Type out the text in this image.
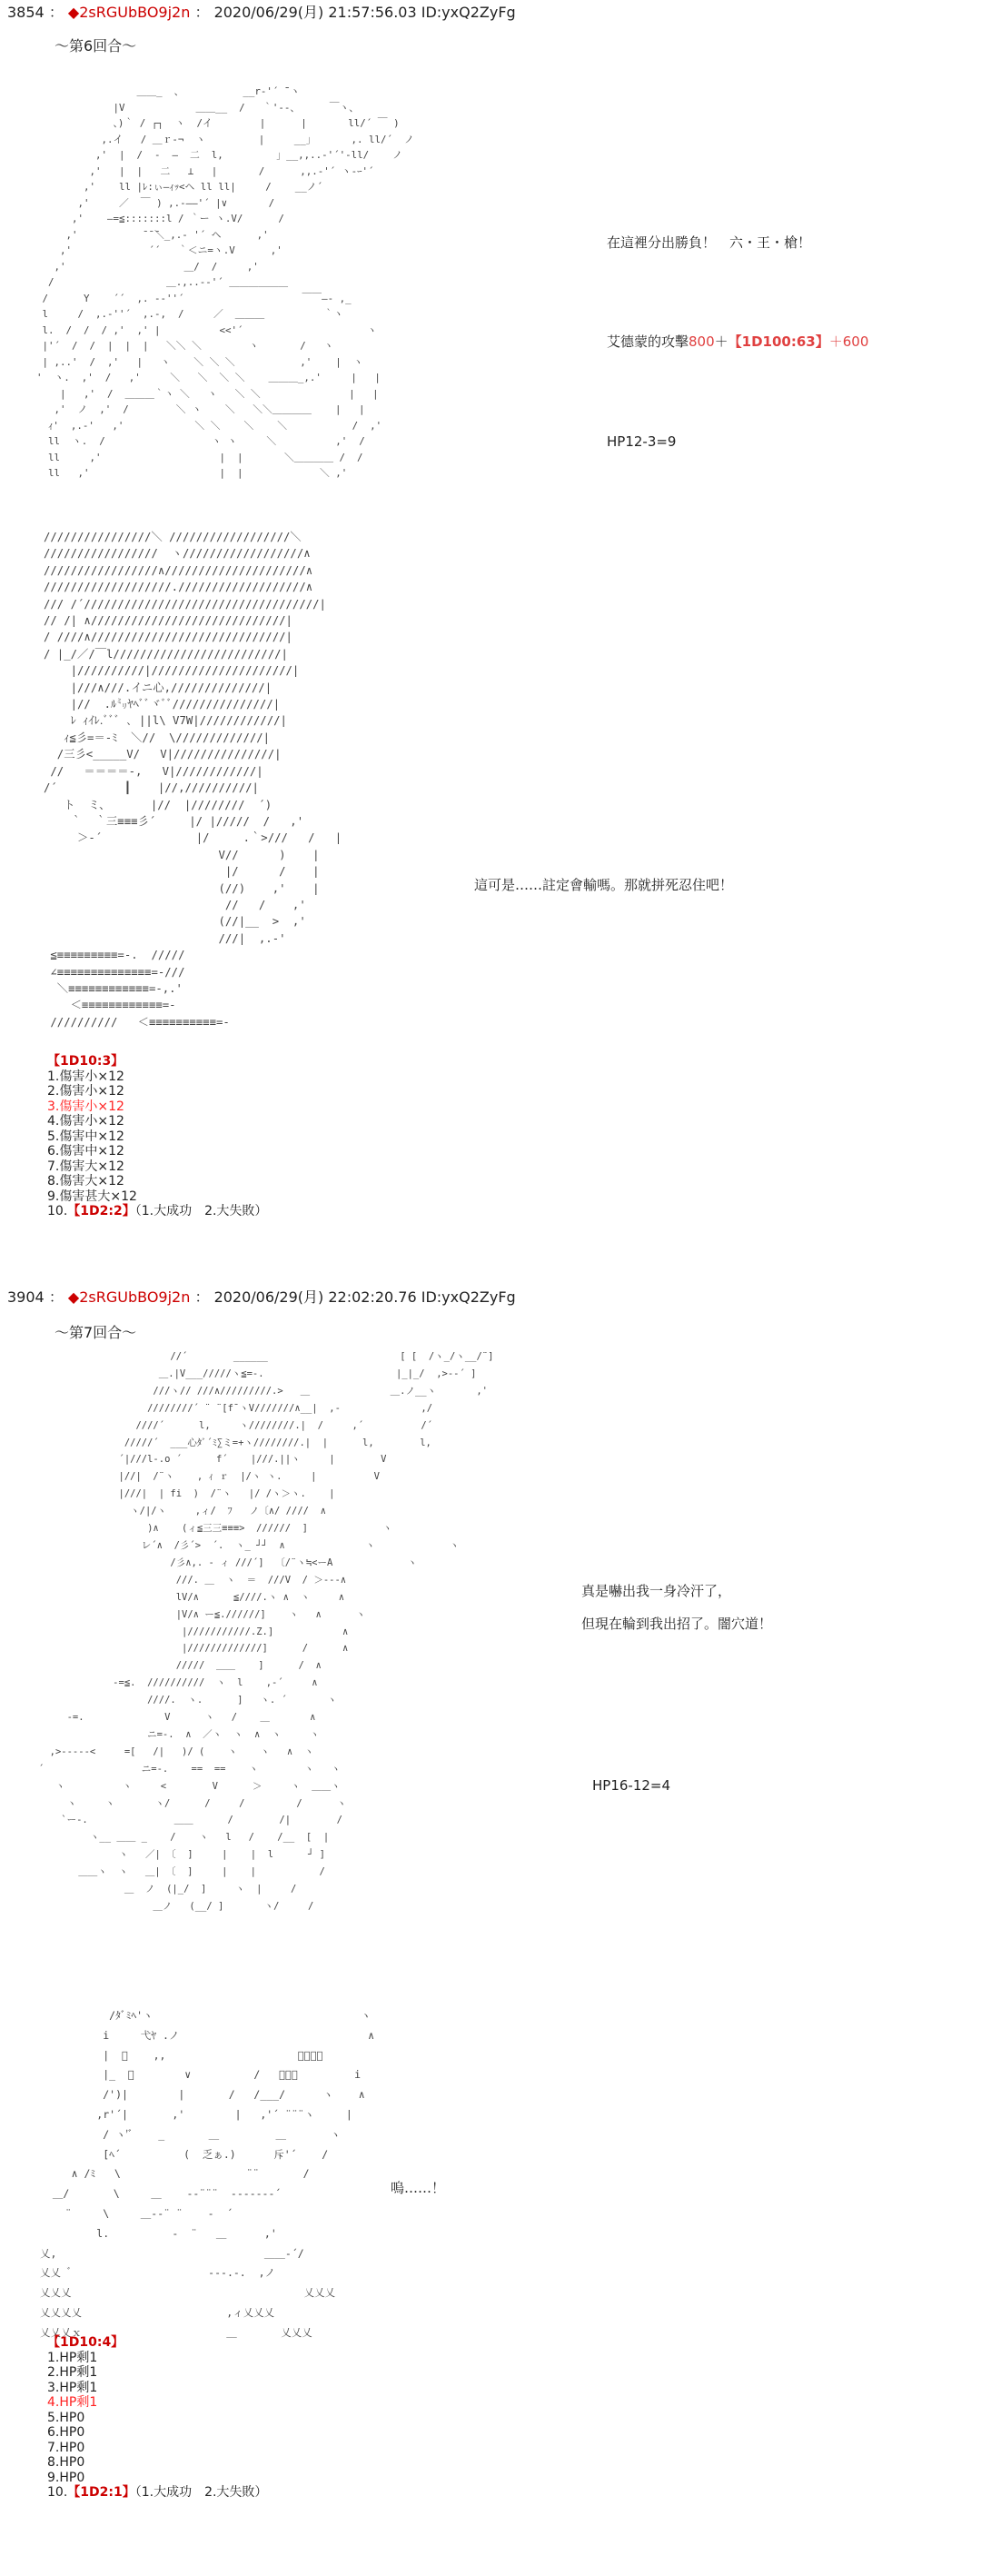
3854 ： ◆2sRGUbBO9j2n ： 2020/06/29(月) 21:57:56.03 ID:yxQ2ZyFg
～第6回合～
＿＿_  、          __r‐'´ ̄¨ヽ
|V            ＿＿__  /   ｀'‐-、     ￣ヽ、
、)｀ / ┌┐  ヽ  /イ        |      |       ll/´ ￣ )
,.イ   / ＿ｒ‐¬  ヽ         |     __」      ,. ll/´  ノ
,'  |  /  ‐  ―  二  l,         」__,,..‐'´'‐ll/    ノ
,'   |  |   二   ⊥   |       /      ,,.-'´ ヽ‐ｰ'´
,'    ll |ﾚ:ぃ―ｨｯ<ヘ ll ll|     /    __ノ´
,'     ／  ￣ ) ,.-――'´ |∨       /
,'    ―=≦:::::::l / ｀ー ヽ.V/      /
,'           ̄ ̄ ̄＼_,.- '´ ヘ      ,'
,'             ´´   ｀＜ニ=ヽ.V      ,'
,'                    ＿/  /     ,'
/                   ＿.,..-‐'´ ＿＿＿＿＿＿
/      Y    ´´  ,. -‐''´                    ￣￣―‐ ,_
l     /  ,.-''´  ,.-,  /     ／  ＿＿＿          ｀ヽ
l.  /  /  / ,'  ,' |          <<'´                     ヽ
|'´  /  /  |  |  |   ＼＼ ＼        ヽ       /   ヽ
| ,..'  /  ,'   |   ヽ    ＼ ＼ ＼           ,'    |  ヽ
'  ヽ.  ,'  /   ,'     ＼   ＼  ＼ ＼    ＿＿＿_,.'     |   |
|   ,'  /  ＿＿＿｀ヽ ＼   ヽ   ＼ ＼               |   |
,'  ノ  ,'  /        ＼ ヽ    ＼   ＼＼＿＿＿＿    |   |
ｨ'  ,.-'   ,'            ＼ ＼    ＼    ＼           /  ,'
ll  ヽ.  /                  ヽ ヽ     ＼          ,'  /
ll     ,'                    |  |       ＼＿＿＿＿ /  /
ll   ,'                      |  |             ＼ ,'
在這裡分出勝負！　六・王・槍！
艾德蒙的攻擊800＋【1D100:63】＋600
HP12-3=9
////////////////＼ //////////////////＼
/////////////////  ヽ//////////////////∧
/////////////////∧/////////////////////∧
///////////////////.///////////////////∧
/// /´///////////////////////////////////|
// /| ∧/////////////////////////////|
/ ////∧/////////////////////////////|
/ |_/／/￣l/////////////////////////|
|//////////|/////////////////////|
|///∧///.イニ心,//////////////|
|//  .ﾙ㍉ﾔﾍﾞﾞヾﾞﾞ///////////////|
ﾚ ｨｲﾚ.ﾞﾞﾞ ､ ||l\ V7W|////////////|
ｨ≦彡=＝-ﾐ  ＼//  \/////////////|
/三彡<_____V/   V|///////////////|
//   ＝＝＝＝-,   V|////////////|
/´          ┃    |//,//////////|
ト  ミ、      |//  |////////  ´)
｀  ｀三≡≡≡彡´     |/ |/////  /   ,'
＞-´              |/     .｀>///   /   |
V//      )    |
|/      /    |
(//)    ,'    |
//   /    ,'
(//|__  >  ,'
///|  ,.-'
≦≡≡≡≡≡≡≡≡≡=-.  /////
∠≡≡≡≡≡≡≡≡≡≡≡≡≡≡=-///
＼≡≡≡≡≡≡≡≡≡≡≡≡=-,.'
＜≡≡≡≡≡≡≡≡≡≡≡≡=-
//////////   ＜≡≡≡≡≡≡≡≡≡≡=-
這可是……註定會輸嗎。那就拼死忍住吧！
【1D10:3】
1.傷害小×12
2.傷害小×12
3.傷害小×12
4.傷害小×12
5.傷害中×12
6.傷害中×12
7.傷害大×12
8.傷害大×12
9.傷害甚大×12
10.【1D2:2】（1.大成功　2.大失敗）
3904 ： ◆2sRGUbBO9j2n ： 2020/06/29(月) 22:02:20.76 ID:yxQ2ZyFg
～第7回合～
//´        ______                       [ [  /ヽ_/ヽ__/¨]
＿.|V___/////ヽ≦=-.                       |_|_/  ,>--´ ]
///ヽ// ///∧/////////.>   ＿              ＿.ノ__ヽ       ,'
////////´ ¨ ¨[f¯ヽV///////∧__|  ,-              ,/
////´      l,     ヽ////////.|  /     ,´          /´
/////´  ___心ﾀﾞ´ﾐ∑ミ=+ヽ////////.|  |      l,        l,
´|///l-.o ´      f´    |///.||ヽ     |        V
|//|  /¨ヽ    , ｨ ｒ  |/ヽ ヽ.     |          V
|///|  | fi  )  /¨ヽ   |/ /ヽ＞ヽ.    |
ヽ/|/ヽ     ,ィ/  ﾌ   ノ〔∧/ ////  ∧
)∧    (ィ≦三三≡≡≡>  //////  ]             ヽ
レ´∧  /彡´>  ´.  ヽ_ ┘┘  ∧              ヽ             ヽ
/彡∧,. - ィ ///´]  〔/¨ヽ≒<ーA             ヽ
///. ＿  ヽ  ＝  ///V  / ＞---∧
lV/∧      ≦////.ヽ ∧  ヽ     ∧
|V/∧ ー≦.//////]    ヽ   ∧      ヽ
|///////////.Z.]            ∧
|/////////////]      /      ∧
/////  ＿＿    ]      /  ∧
-=≦.  //////////  ヽ  l    ,-´     ∧
////.  ヽ.      ]   ヽ. ´       ヽ
-=.              V      ヽ   /    ＿       ∧
ニ=-.  ∧  ／ヽ  ヽ  ∧  ヽ     ヽ
,>-‐‐‐-<     =[   /|   )/ (    ヽ    ヽ   ∧  ヽ
´                 ニ=-.    ==  ==    ヽ        ヽ   ヽ
ヽ          ヽ     <        V      ＞     ヽ  ＿＿ヽ
ヽ     ヽ       ヽ/      /     /         /      ヽ
`ー-.               ＿＿      /        /|        /
ヽ__ ＿＿ _    /    ヽ   l   /    /__  [  |
ヽ   ／| 〔  ]     |    |  l      ┘ ]
＿＿ヽ  ヽ   ＿| 〔  ]     |    |           /
＿  ノ  (|_/  ]     ヽ  |     /
＿ノ   (__/ ]       ヽ/     /
真是嚇出我一身冷汗了，
但現在輪到我出招了。闇穴道！
HP16-12=4
/ﾀﾞﾐﾍ'ヽ                                 ヽ
i     弋ﾔ .ノ                              ∧
|  ゙    ,,                     ＿＿＿＿
|_  ﾞ        ∨          /   ＿＿＿         i
/')|        |       /   /___/      ヽ    ∧
,r'´|       ,'        |   ,'´ ¨¨¨ヽ     |
/ ヽ'ﾞ    _       ＿         ＿       ヽ
[ﾍ´          (  乏ぁ.)      斥'´    /
∧ /ﾐ   \                    ¨¨       /
＿/       \     ＿    --¨¨¨  -------´
¨     \     ＿--¨ ¨    -  ´
l.          -  ¨   ＿      ,'
乂,                                 ＿＿-´/
乂乂  ゙                      ---.-.  ,ノ
乂乂乂                                     乂乂乂
乂乂乂乂                       ,ィ乂乂乂
乂乂乂ｘ                       ＿       乂乂乂
嗚……！
【1D10:4】
1.HP剩1
2.HP剩1
3.HP剩1
4.HP剩1
5.HP0
6.HP0
7.HP0
8.HP0
9.HP0
10.【1D2:1】（1.大成功　2.大失敗）
